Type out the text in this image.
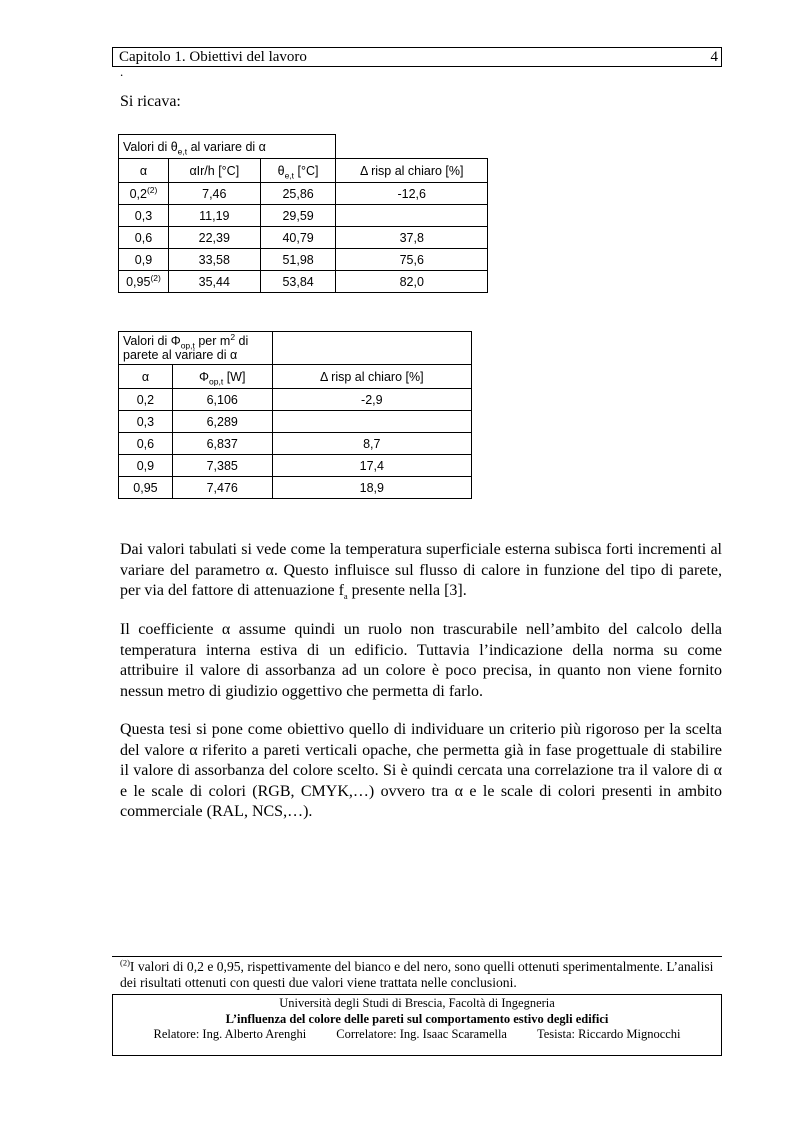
Capitolo 1. Obiettivi del lavoro	4
.
Si ricava:
Valori di $\theta_{e,t}$ al variare di α			
α	αIr/h [°C]	$\theta_{e,t}$ [°C]	Δ risp al chiaro [%]
0,2$^{(2)}$	7,46	25,86	-12,6
0,3	11,19	29,59	
0,6	22,39	40,79	37,8
0,9	33,58	51,98	75,6
0,95$^{(2)}$	35,44	53,84	82,0
Valori di $\Phi_{op,t}$ per $m^2$ di
parete al variare di α		
α	$\Phi_{op,t}$ [W]	Δ risp al chiaro [%]
0,2	6,106	-2,9
0,3	6,289	
0,6	6,837	8,7
0,9	7,385	17,4
0,95	7,476	18,9
Dai valori tabulati si vede come la temperatura superficiale esterna subisca forti incrementi al variare del parametro α. Questo influisce sul flusso di calore in funzione del tipo di parete, per via del fattore di attenuazione $f_a$ presente nella [3].
Il coefficiente α assume quindi un ruolo non trascurabile nell’ambito del calcolo della temperatura interna estiva di un edificio. Tuttavia l’indicazione della norma su come attribuire il valore di assorbanza ad un colore è poco precisa, in quanto non viene fornito nessun metro di giudizio oggettivo che permetta di farlo.
Questa tesi si pone come obiettivo quello di individuare un criterio più rigoroso per la scelta del valore α riferito a pareti verticali opache, che permetta già in fase progettuale di stabilire il valore di assorbanza del colore scelto. Si è quindi cercata una correlazione tra il valore di α e le scale di colori (RGB, CMYK,…) ovvero tra α e le scale di colori presenti in ambito commerciale (RAL, NCS,…).
$^{(2)}$I valori di 0,2 e 0,95, rispettivamente del bianco e del nero, sono quelli ottenuti sperimentalmente. L’analisi dei risultati ottenuti con questi due valori viene trattata nelle conclusioni.
Università degli Studi di Brescia, Facoltà di Ingegneria
L’influenza del colore delle pareti sul comportamento estivo degli edifici
Relatore: Ing. Alberto Arenghi Correlatore: Ing. Isaac Scaramella Tesista: Riccardo Mignocchi
